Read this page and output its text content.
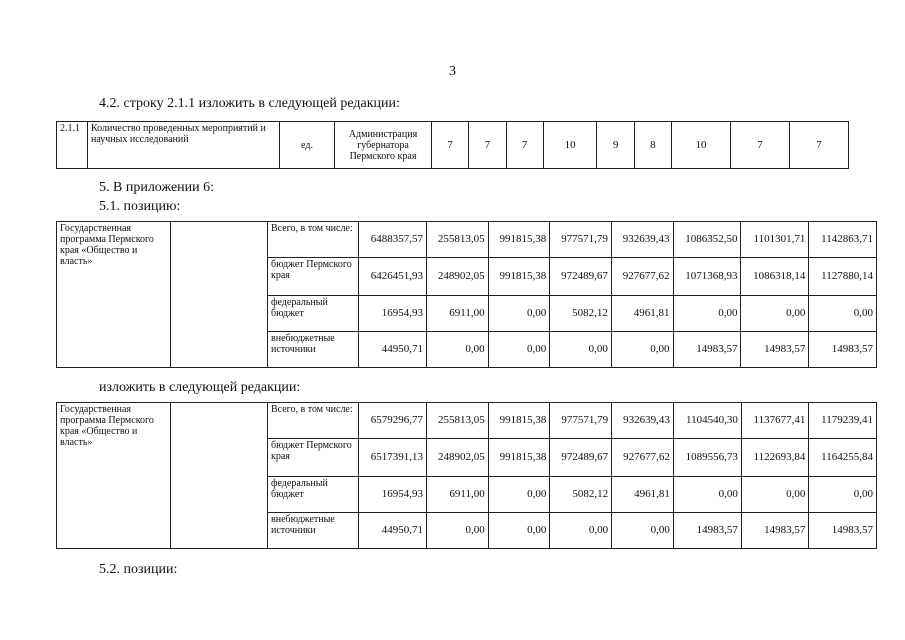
3
4.2. строку 2.1.1 изложить в следующей редакции:
2.1.1	Количество проведенных мероприятий и научных исследований	ед.	Администрация губернатора Пермского края	7	7	7	10	9	8	10	7	7
5. В приложении 6:
5.1. позицию:
Государственная программа Пермского края «Общество и власть»		Всего, в том числе:	6488357,57	255813,05	991815,38	977571,79	932639,43	1086352,50	1101301,71	1142863,71
		бюджет Пермского края	6426451,93	248902,05	991815,38	972489,67	927677,62	1071368,93	1086318,14	1127880,14
		федеральный бюджет	16954,93	6911,00	0,00	5082,12	4961,81	0,00	0,00	0,00
		внебюджетные источники	44950,71	0,00	0,00	0,00	0,00	14983,57	14983,57	14983,57
изложить в следующей редакции:
Государственная программа Пермского края «Общество и власть»		Всего, в том числе:	6579296,77	255813,05	991815,38	977571,79	932639,43	1104540,30	1137677,41	1179239,41
		бюджет Пермского края	6517391,13	248902,05	991815,38	972489,67	927677,62	1089556,73	1122693,84	1164255,84
		федеральный бюджет	16954,93	6911,00	0,00	5082,12	4961,81	0,00	0,00	0,00
		внебюджетные источники	44950,71	0,00	0,00	0,00	0,00	14983,57	14983,57	14983,57
5.2. позиции:
